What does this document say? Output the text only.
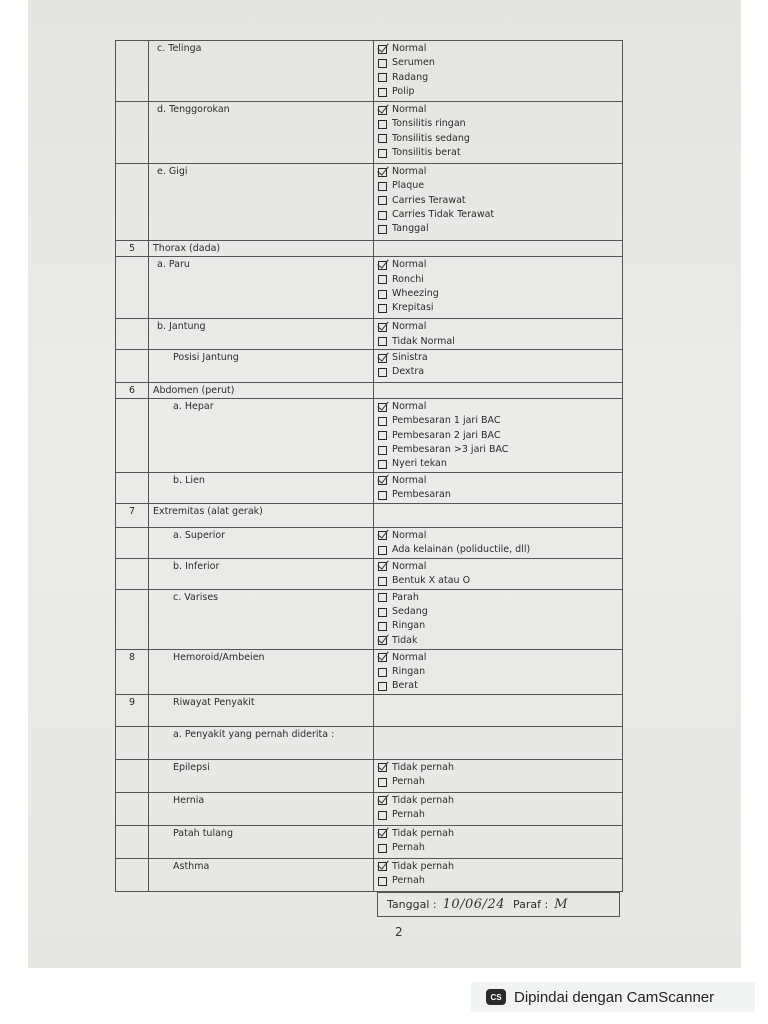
	c. Telinga	Normal
Serumen
Radang
Polip

	d. Tenggorokan	Normal
Tonsilitis ringan
Tonsilitis sedang
Tonsilitis berat

	e. Gigi	Normal
Plaque
Carries Terawat
Carries Tidak Terawat
Tanggal

5	Thorax (dada)	
	a. Paru	Normal
Ronchi
Wheezing
Krepitasi

	b. Jantung	Normal
Tidak Normal

	Posisi Jantung	Sinistra
Dextra

6	Abdomen (perut)	
	a. Hepar	Normal
Pembesaran 1 jari BAC
Pembesaran 2 jari BAC
Pembesaran >3 jari BAC
Nyeri tekan

	b. Lien	Normal
Pembesaran

7	Extremitas (alat gerak)	
	a. Superior	Normal
Ada kelainan (poliductile, dll)

	b. Inferior	Normal
Bentuk X atau O

	c. Varises	Parah
Sedang
Ringan
Tidak

8	Hemoroid/Ambeien	Normal
Ringan
Berat

9	Riwayat Penyakit	
	a. Penyakit yang pernah diderita :	
	Epilepsi	Tidak pernah
Pernah

	Hernia	Tidak pernah
Pernah

	Patah tulang	Tidak pernah
Pernah

	Asthma	Tidak pernah
Pernah
Tanggal : 10/06/24 Paraf : M
2
CS Dipindai dengan CamScanner
